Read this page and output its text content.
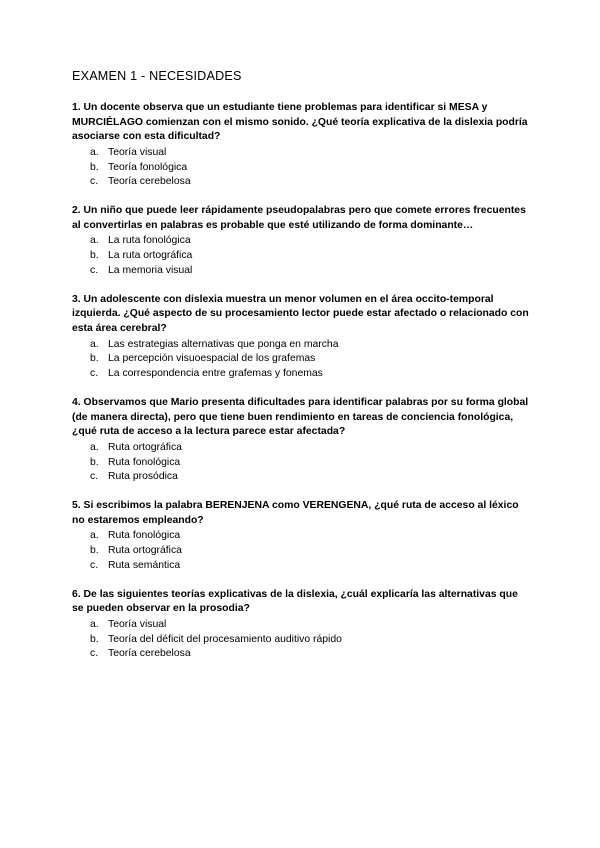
EXAMEN 1 - NECESIDADES

1. Un docente observa que un estudiante tiene problemas para identificar si MESA y MURCIÉLAGO comienzan con el mismo sonido. ¿Qué teoría explicativa de la dislexia podría asociarse con esta dificultad?

a. Teoría visual
b. Teoría fonológica
c. Teoría cerebelosa

2. Un niño que puede leer rápidamente pseudopalabras pero que comete errores frecuentes al convertirlas en palabras es probable que esté utilizando de forma dominante…

a. La ruta fonológica
b. La ruta ortográfica
c. La memoria visual

3. Un adolescente con dislexia muestra un menor volumen en el área occito-temporal izquierda. ¿Qué aspecto de su procesamiento lector puede estar afectado o relacionado con esta área cerebral?

a. Las estrategias alternativas que ponga en marcha
b. La percepción visuoespacial de los grafemas
c. La correspondencia entre grafemas y fonemas

4. Observamos que Mario presenta dificultades para identificar palabras por su forma global (de manera directa), pero que tiene buen rendimiento en tareas de conciencia fonológica, ¿qué ruta de acceso a la lectura parece estar afectada?

a. Ruta ortográfica
b. Ruta fonológica
c. Ruta prosódica

5. Si escribimos la palabra BERENJENA como VERENGENA, ¿qué ruta de acceso al léxico no estaremos empleando?

a. Ruta fonológica
b. Ruta ortográfica
c. Ruta semántica

6. De las siguientes teorías explicativas de la dislexia, ¿cuál explicaría las alternativas que se pueden observar en la prosodia?

a. Teoría visual
b. Teoría del déficit del procesamiento auditivo rápido
c. Teoría cerebelosa
